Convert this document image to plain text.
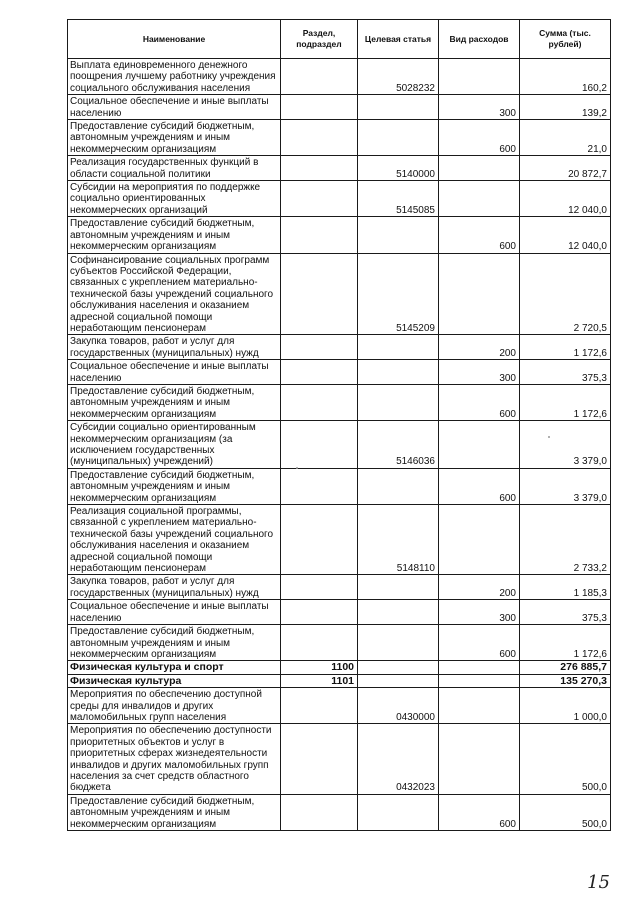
Наименование	Раздел, подраздел	Целевая статья	Вид расходов	Сумма (тыс. рублей)
Выплата единовременного денежного поощрения лучшему работнику учреждения социального обслуживания населения		5028232		160,2
Социальное обеспечение и иные выплаты населению			300	139,2
Предоставление субсидий бюджетным, автономным учреждениям и иным некоммерческим организациям			600	21,0
Реализация государственных функций в области социальной политики		5140000		20 872,7
Субсидии на мероприятия по поддержке социально ориентированных некоммерческих организаций		5145085		12 040,0
Предоставление субсидий бюджетным, автономным учреждениям и иным некоммерческим организациям			600	12 040,0
Софинансирование социальных программ субъектов Российской Федерации, связанных с укреплением материально-технической базы учреждений социального обслуживания населения и оказанием адресной социальной помощи неработающим пенсионерам		5145209		2 720,5
Закупка товаров, работ и услуг для государственных (муниципальных) нужд			200	1 172,6
Социальное обеспечение и иные выплаты населению			300	375,3
Предоставление субсидий бюджетным, автономным учреждениям и иным некоммерческим организациям			600	1 172,6
Субсидии социально ориентированным некоммерческим организациям (за исключением государственных (муниципальных) учреждений)		5146036		3 379,0
Предоставление субсидий бюджетным, автономным учреждениям и иным некоммерческим организациям			600	3 379,0
Реализация социальной программы, связанной с укреплением материально-технической базы учреждений социального обслуживания населения и оказанием адресной социальной помощи неработающим пенсионерам		5148110		2 733,2
Закупка товаров, работ и услуг для государственных (муниципальных) нужд			200	1 185,3
Социальное обеспечение и иные выплаты населению			300	375,3
Предоставление субсидий бюджетным, автономным учреждениям и иным некоммерческим организациям			600	1 172,6
Физическая культура и спорт	1100			276 885,7
Физическая культура	1101			135 270,3
Мероприятия по обеспечению доступной среды для инвалидов и других маломобильных групп населения		0430000		1 000,0
Мероприятия по обеспечению доступности приоритетных объектов и услуг в приоритетных сферах жизнедеятельности инвалидов и других маломобильных групп населения за счет средств областного бюджета		0432023		500,0
Предоставление субсидий бюджетным, автономным учреждениям и иным некоммерческим организациям			600	500,0
15
